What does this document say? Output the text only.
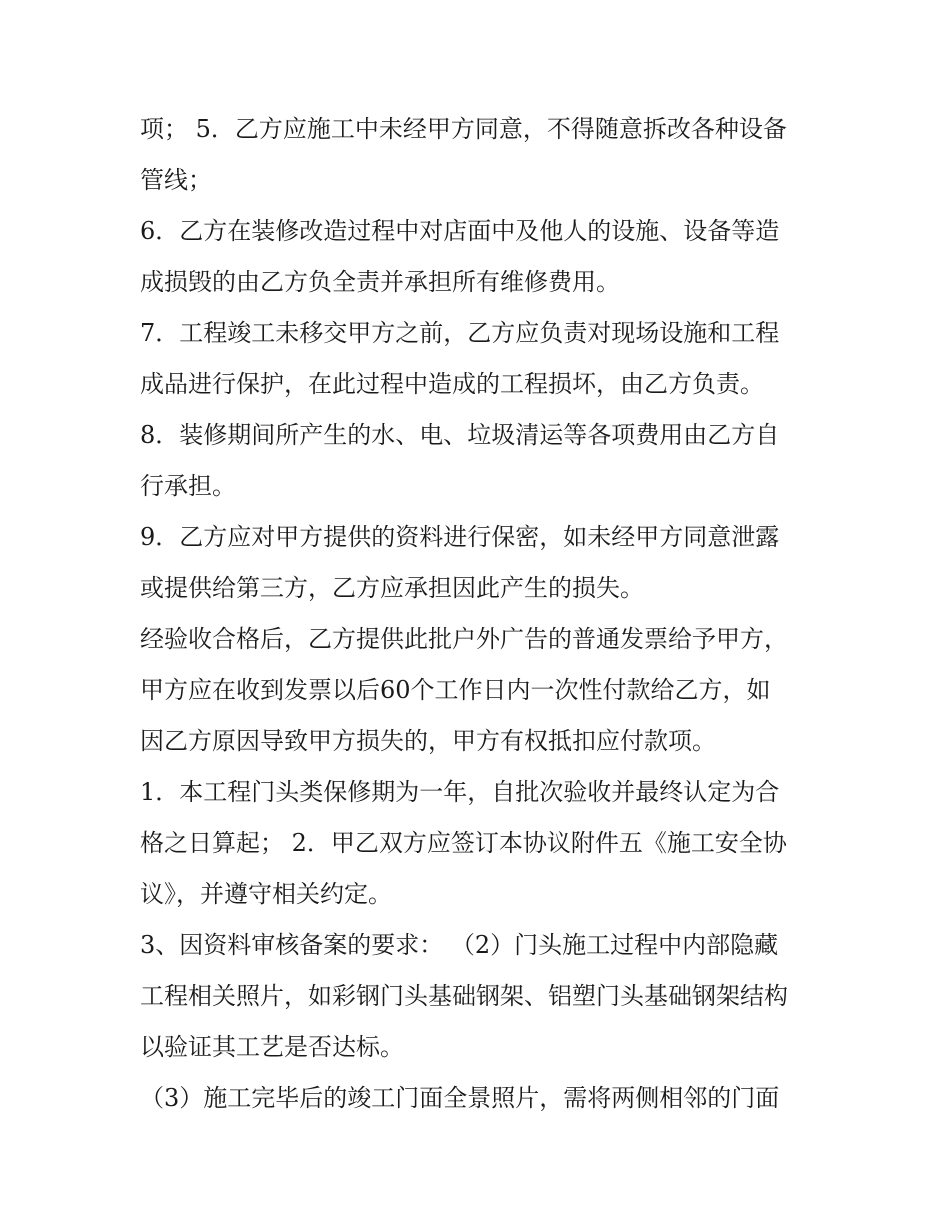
项； 5．乙方应施工中未经甲方同意，不得随意拆改各种设备
管线；
6．乙方在装修改造过程中对店面中及他人的设施、设备等造
成损毁的由乙方负全责并承担所有维修费用。
7．工程竣工未移交甲方之前，乙方应负责对现场设施和工程
成品进行保护，在此过程中造成的工程损坏，由乙方负责。
8．装修期间所产生的水、电、垃圾清运等各项费用由乙方自
行承担。
9．乙方应对甲方提供的资料进行保密，如未经甲方同意泄露
或提供给第三方，乙方应承担因此产生的损失。
经验收合格后，乙方提供此批户外广告的普通发票给予甲方，
甲方应在收到发票以后60个工作日内一次性付款给乙方，如
因乙方原因导致甲方损失的，甲方有权抵扣应付款项。
1．本工程门头类保修期为一年，自批次验收并最终认定为合
格之日算起； 2．甲乙双方应签订本协议附件五《施工安全协
议》，并遵守相关约定。
3、因资料审核备案的要求： （2）门头施工过程中内部隐藏
工程相关照片，如彩钢门头基础钢架、铝塑门头基础钢架结构
以验证其工艺是否达标。
（3）施工完毕后的竣工门面全景照片，需将两侧相邻的门面
